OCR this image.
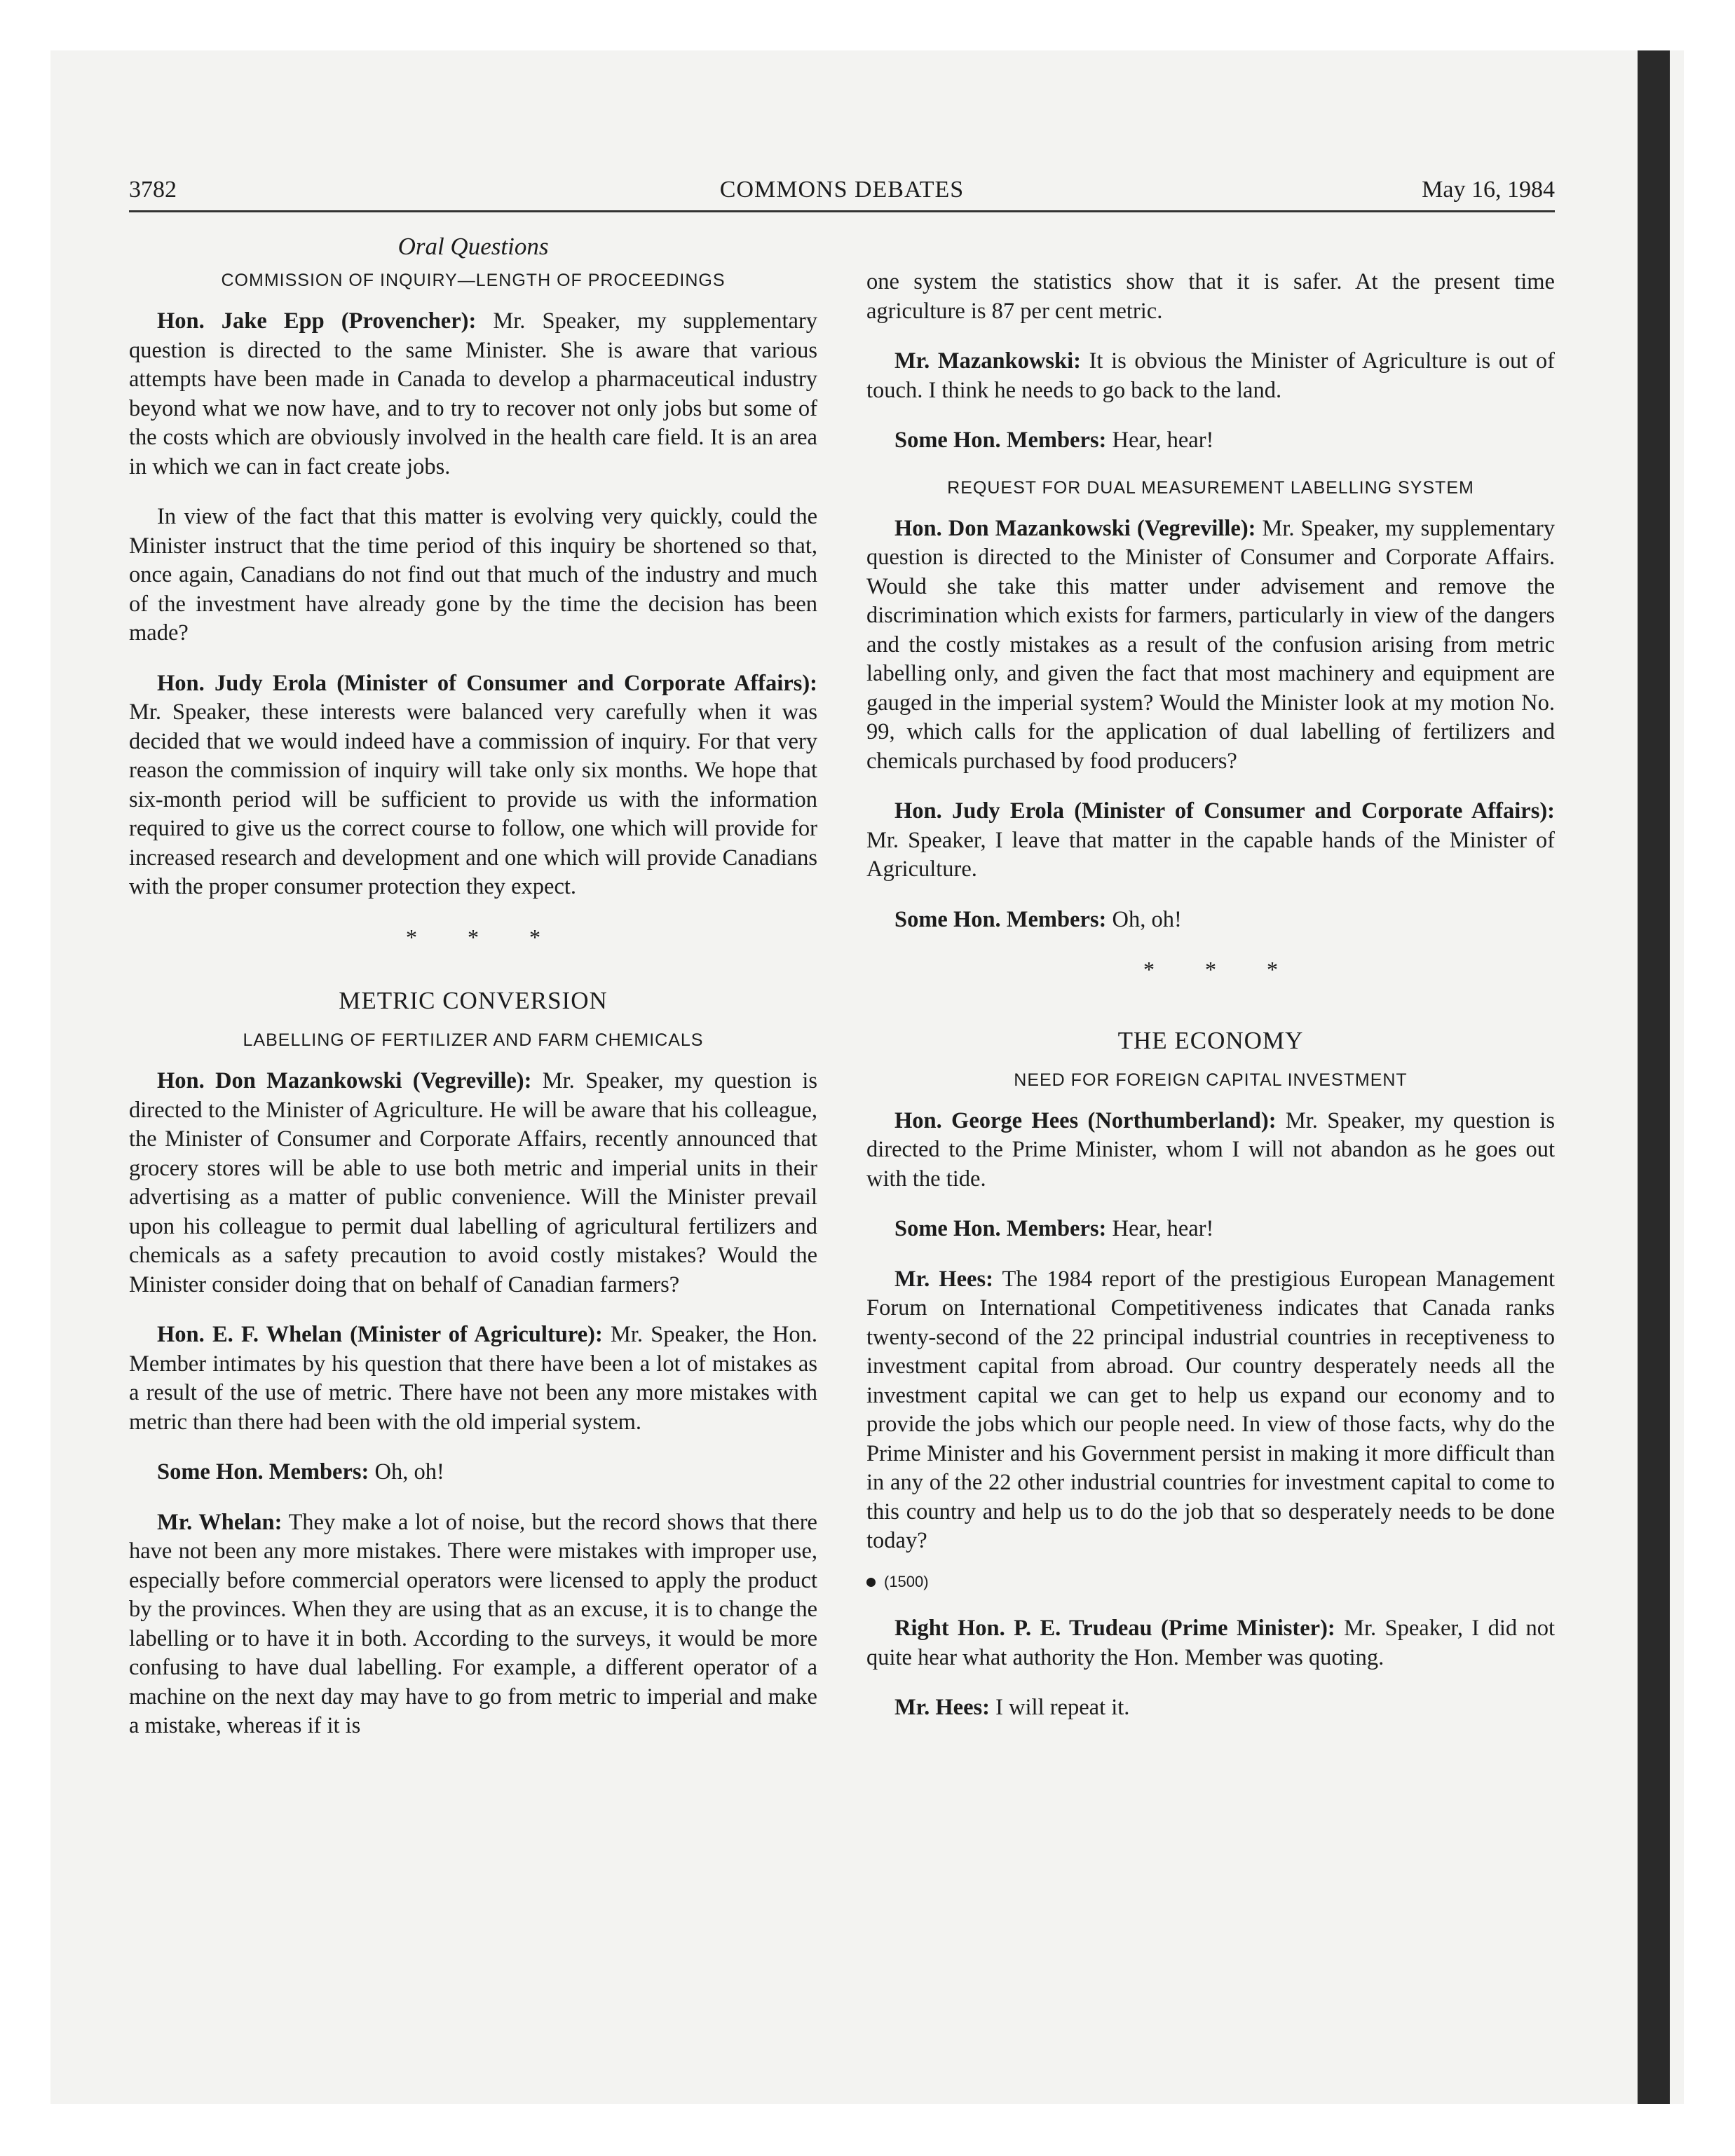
3782	COMMONS DEBATES	May 16, 1984
Oral Questions
COMMISSION OF INQUIRY—LENGTH OF PROCEEDINGS

Hon. Jake Epp (Provencher): Mr. Speaker, my supplementary question is directed to the same Minister. She is aware that various attempts have been made in Canada to develop a pharmaceutical industry beyond what we now have, and to try to recover not only jobs but some of the costs which are obviously involved in the health care field. It is an area in which we can in fact create jobs.

In view of the fact that this matter is evolving very quickly, could the Minister instruct that the time period of this inquiry be shortened so that, once again, Canadians do not find out that much of the industry and much of the investment have already gone by the time the decision has been made?

Hon. Judy Erola (Minister of Consumer and Corporate Affairs): Mr. Speaker, these interests were balanced very carefully when it was decided that we would indeed have a commission of inquiry. For that very reason the commission of inquiry will take only six months. We hope that six-month period will be sufficient to provide us with the information required to give us the correct course to follow, one which will provide for increased research and development and one which will provide Canadians with the proper consumer protection they expect.

* * *
METRIC CONVERSION
LABELLING OF FERTILIZER AND FARM CHEMICALS

Hon. Don Mazankowski (Vegreville): Mr. Speaker, my question is directed to the Minister of Agriculture. He will be aware that his colleague, the Minister of Consumer and Corporate Affairs, recently announced that grocery stores will be able to use both metric and imperial units in their advertising as a matter of public convenience. Will the Minister prevail upon his colleague to permit dual labelling of agricultural fertilizers and chemicals as a safety precaution to avoid costly mistakes? Would the Minister consider doing that on behalf of Canadian farmers?

Hon. E. F. Whelan (Minister of Agriculture): Mr. Speaker, the Hon. Member intimates by his question that there have been a lot of mistakes as a result of the use of metric. There have not been any more mistakes with metric than there had been with the old imperial system.

Some Hon. Members: Oh, oh!

Mr. Whelan: They make a lot of noise, but the record shows that there have not been any more mistakes. There were mistakes with improper use, especially before commercial operators were licensed to apply the product by the provinces. When they are using that as an excuse, it is to change the labelling or to have it in both. According to the surveys, it would be more confusing to have dual labelling. For example, a different operator of a machine on the next day may have to go from metric to imperial and make a mistake, whereas if it is

one system the statistics show that it is safer. At the present time agriculture is 87 per cent metric.

Mr. Mazankowski: It is obvious the Minister of Agriculture is out of touch. I think he needs to go back to the land.

Some Hon. Members: Hear, hear!

REQUEST FOR DUAL MEASUREMENT LABELLING SYSTEM

Hon. Don Mazankowski (Vegreville): Mr. Speaker, my supplementary question is directed to the Minister of Consumer and Corporate Affairs. Would she take this matter under advisement and remove the discrimination which exists for farmers, particularly in view of the dangers and the costly mistakes as a result of the confusion arising from metric labelling only, and given the fact that most machinery and equipment are gauged in the imperial system? Would the Minister look at my motion No. 99, which calls for the application of dual labelling of fertilizers and chemicals purchased by food producers?

Hon. Judy Erola (Minister of Consumer and Corporate Affairs): Mr. Speaker, I leave that matter in the capable hands of the Minister of Agriculture.

Some Hon. Members: Oh, oh!

* * *
THE ECONOMY
NEED FOR FOREIGN CAPITAL INVESTMENT

Hon. George Hees (Northumberland): Mr. Speaker, my question is directed to the Prime Minister, whom I will not abandon as he goes out with the tide.

Some Hon. Members: Hear, hear!

Mr. Hees: The 1984 report of the prestigious European Management Forum on International Competitiveness indicates that Canada ranks twenty-second of the 22 principal industrial countries in receptiveness to investment capital from abroad. Our country desperately needs all the investment capital we can get to help us expand our economy and to provide the jobs which our people need. In view of those facts, why do the Prime Minister and his Government persist in making it more difficult than in any of the 22 other industrial countries for investment capital to come to this country and help us to do the job that so desperately needs to be done today?

(1500)

Right Hon. P. E. Trudeau (Prime Minister): Mr. Speaker, I did not quite hear what authority the Hon. Member was quoting.

Mr. Hees: I will repeat it.
